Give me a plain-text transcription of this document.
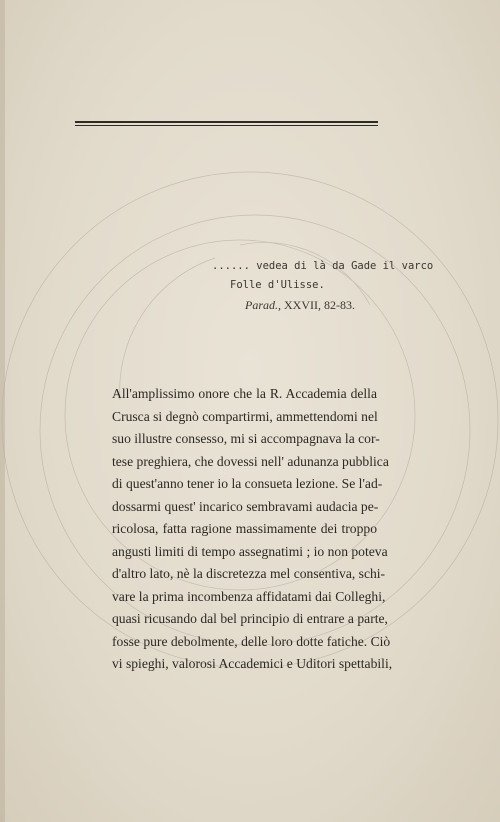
...... vedea di là da Gade il varco
Folle d'Ulisse.
Parad., XXVII, 82-83.
All'amplissimo onore che la R. Accademia della
Crusca si degnò compartirmi, ammettendomi nel
suo illustre consesso, mi si accompagnava la cor-
tese preghiera, che dovessi nell' adunanza pubblica
di quest'anno tener io la consueta lezione. Se l'ad-
dossarmi quest' incarico sembravami audacia pe-
ricolosa, fatta ragione massimamente dei troppo
angusti limiti di tempo assegnatimi ; io non poteva
d'altro lato, nè la discretezza mel consentiva, schi-
vare la prima incombenza affidatami dai Colleghi,
quasi ricusando dal bel principio di entrare a parte,
fosse pure debolmente, delle loro dotte fatiche. Ciò
vi spieghi, valorosi Accademici e Uditori spettabili,
